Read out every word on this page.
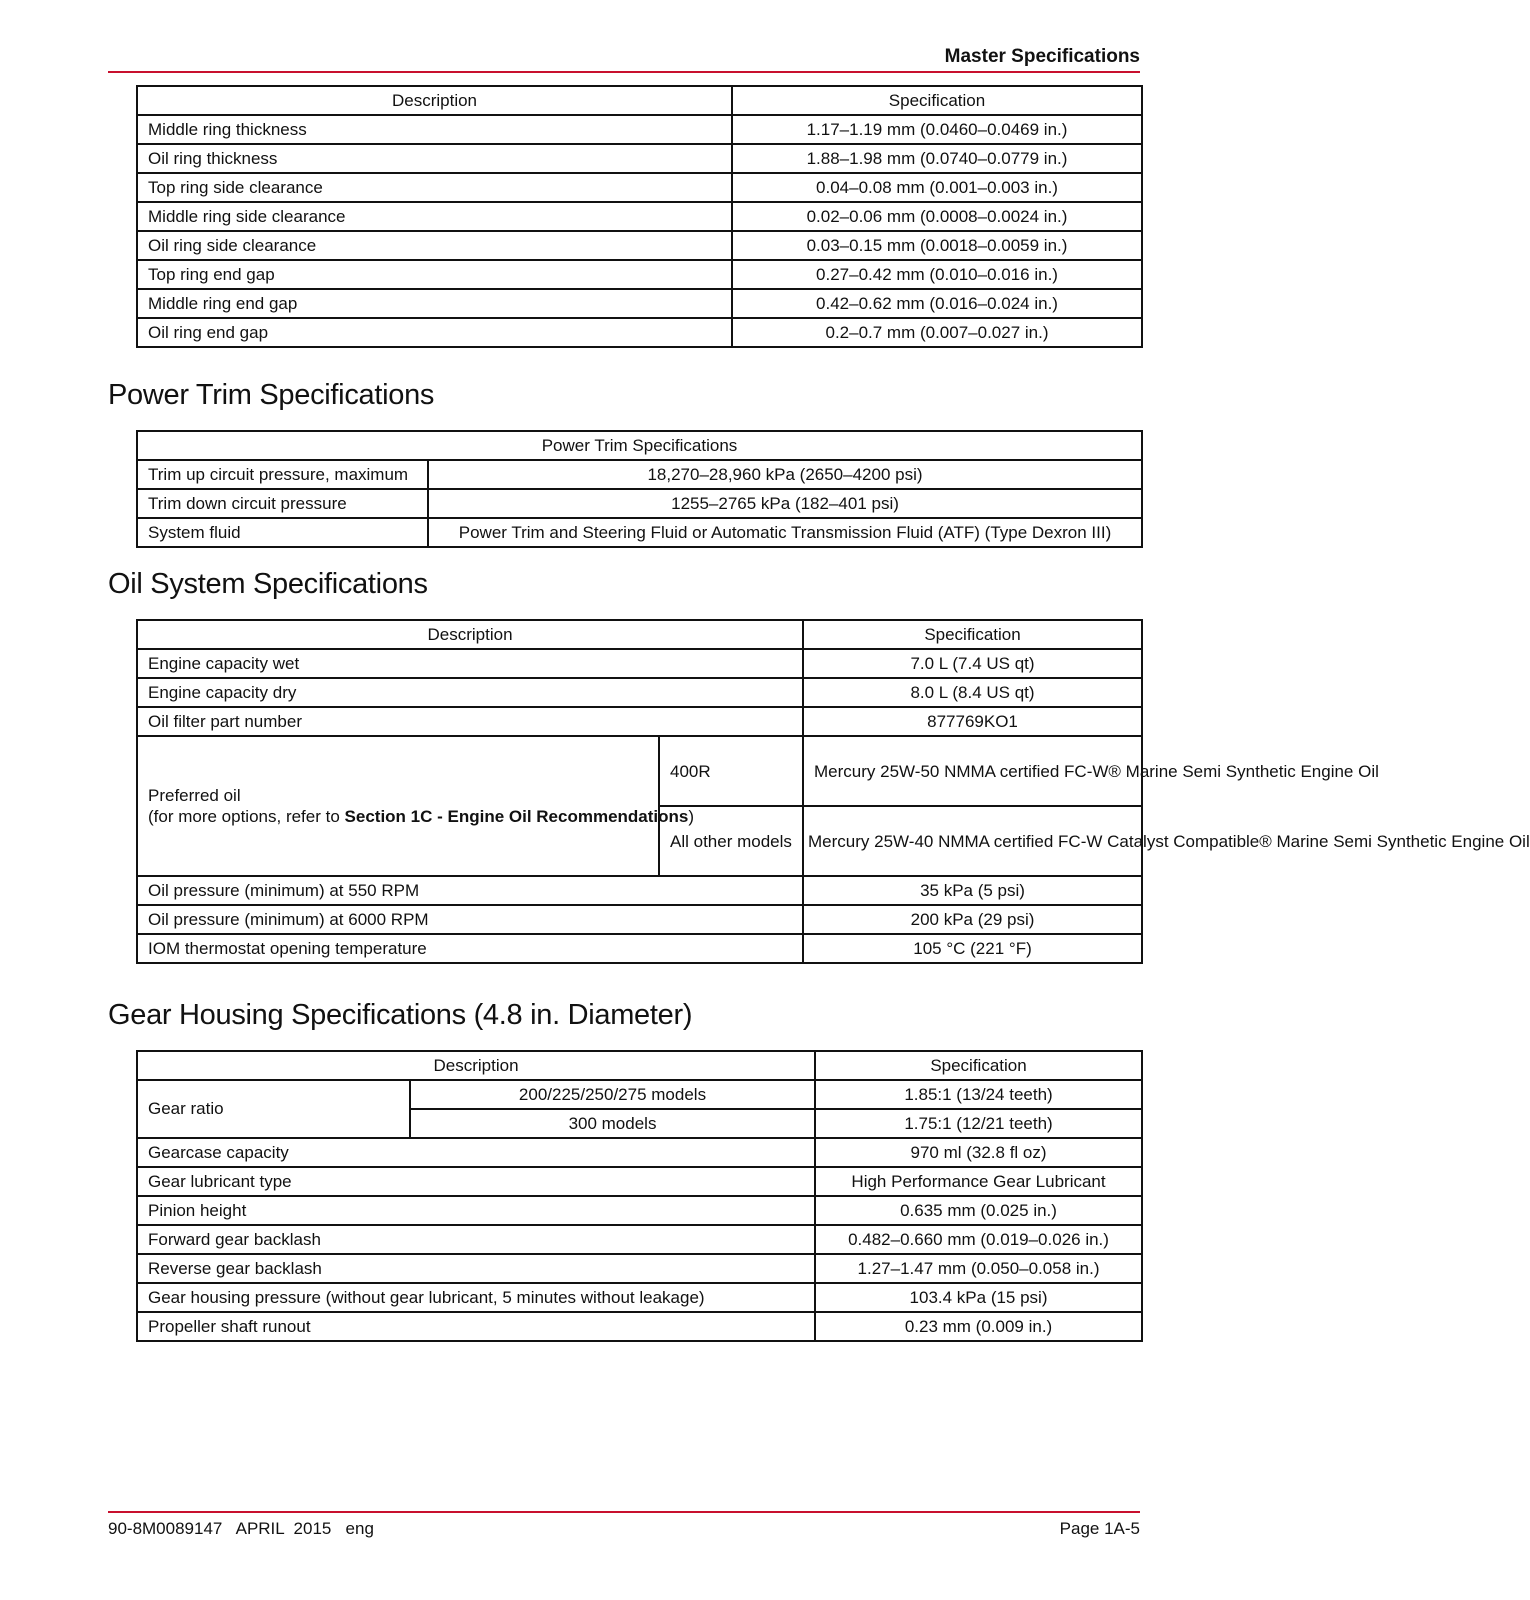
Master Specifications
Description	Specification
Middle ring thickness	1.17–1.19 mm (0.0460–0.0469 in.)
Oil ring thickness	1.88–1.98 mm (0.0740–0.0779 in.)
Top ring side clearance	0.04–0.08 mm (0.001–0.003 in.)
Middle ring side clearance	0.02–0.06 mm (0.0008–0.0024 in.)
Oil ring side clearance	0.03–0.15 mm (0.0018–0.0059 in.)
Top ring end gap	0.27–0.42 mm (0.010–0.016 in.)
Middle ring end gap	0.42–0.62 mm (0.016–0.024 in.)
Oil ring end gap	0.2–0.7 mm (0.007–0.027 in.)
Power Trim Specifications
Power Trim Specifications	
Trim up circuit pressure, maximum	18,270–28,960 kPa (2650–4200 psi)
Trim down circuit pressure	1255–2765 kPa (182–401 psi)
System fluid	Power Trim and Steering Fluid or Automatic Transmission Fluid (ATF) (Type Dexron III)
Oil System Specifications
Description		Specification
Engine capacity wet		7.0 L (7.4 US qt)
Engine capacity dry		8.0 L (8.4 US qt)
Oil filter part number		877769KO1
Preferred oil
(for more options, refer to Section 1C - Engine Oil Recommendations)	400R	Mercury 25W-50 NMMA certified FC-W® Marine Semi Synthetic Engine Oil
	All other models	Mercury 25W-40 NMMA certified FC-W Catalyst Compatible® Marine Semi Synthetic Engine Oil
Oil pressure (minimum) at 550 RPM		35 kPa (5 psi)
Oil pressure (minimum) at 6000 RPM		200 kPa (29 psi)
IOM thermostat opening temperature		105 °C (221 °F)
Gear Housing Specifications (4.8 in. Diameter)
Description		Specification
Gear ratio	200/225/250/275 models	1.85:1 (13/24 teeth)
	300 models	1.75:1 (12/21 teeth)
Gearcase capacity		970 ml (32.8 fl oz)
Gear lubricant type		High Performance Gear Lubricant
Pinion height		0.635 mm (0.025 in.)
Forward gear backlash		0.482–0.660 mm (0.019–0.026 in.)
Reverse gear backlash		1.27–1.47 mm (0.050–0.058 in.)
Gear housing pressure (without gear lubricant, 5 minutes without leakage)		103.4 kPa (15 psi)
Propeller shaft runout		0.23 mm (0.009 in.)
90-8M0089147   APRIL  2015   eng	Page 1A-5
